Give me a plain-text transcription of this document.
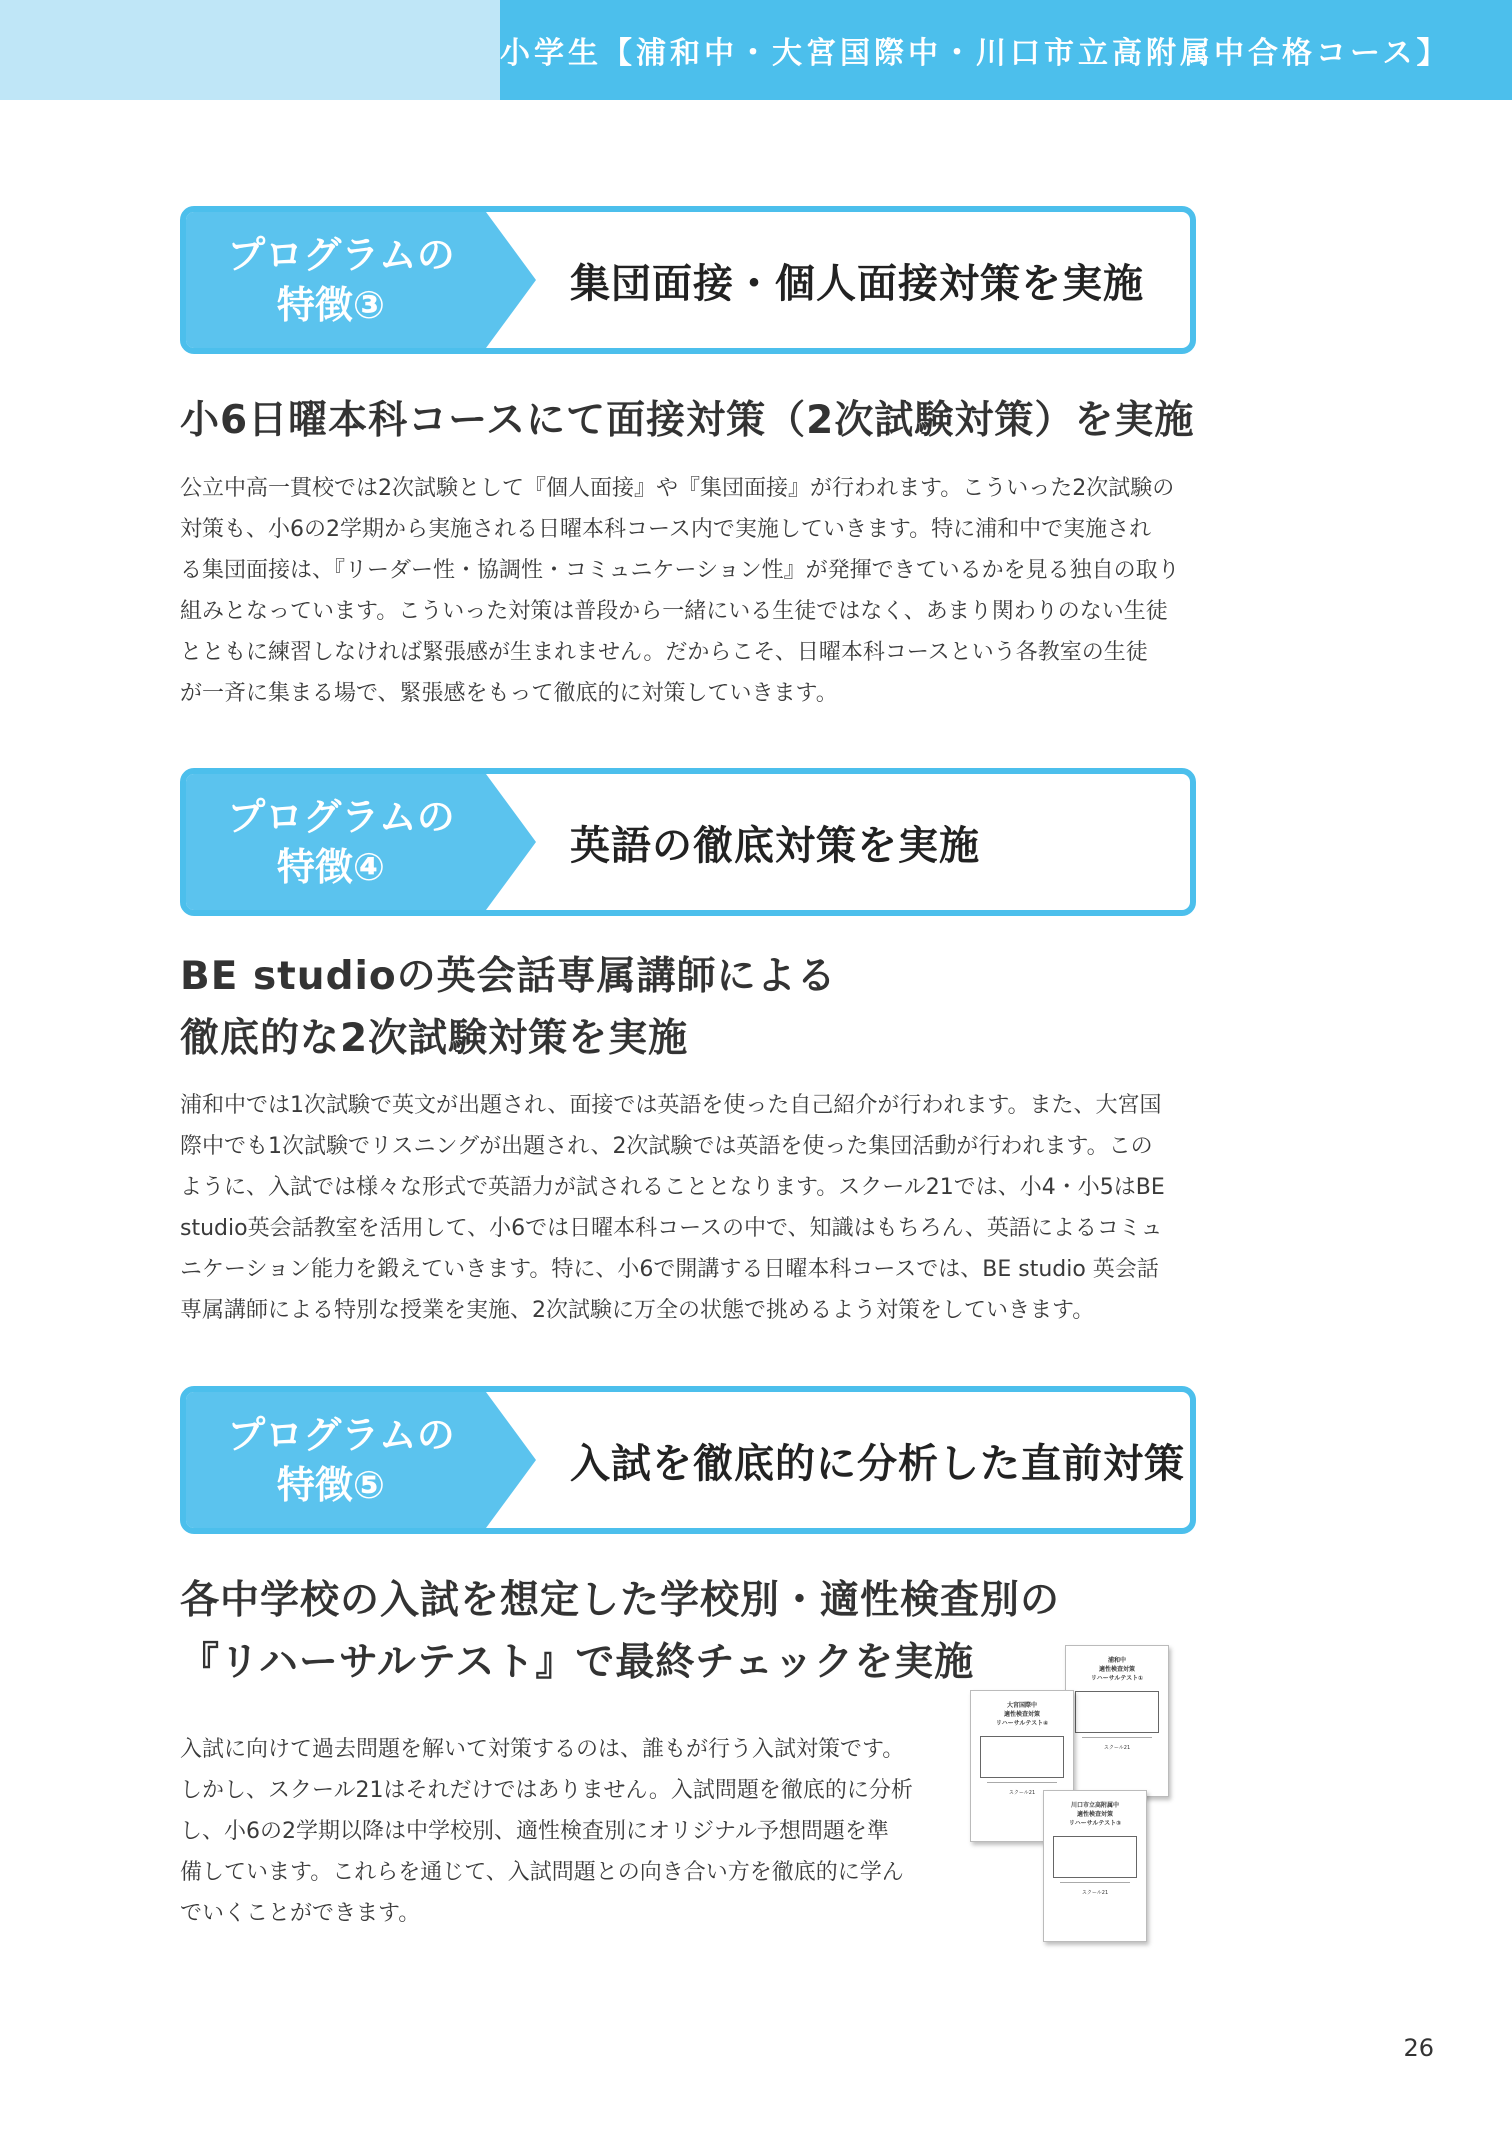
小学生【浦和中・大宮国際中・川口市立高附属中合格コース】
プログラムの
特徴③	集団面接・個人面接対策を実施
小6日曜本科コースにて面接対策（2次試験対策）を実施
公立中高一貫校では2次試験として『個人面接』や『集団面接』が行われます。こういった2次試験の
対策も、小6の2学期から実施される日曜本科コース内で実施していきます。特に浦和中で実施され
る集団面接は、『リーダー性・協調性・コミュニケーション性』が発揮できているかを見る独自の取り
組みとなっています。こういった対策は普段から一緒にいる生徒ではなく、あまり関わりのない生徒
とともに練習しなければ緊張感が生まれません。だからこそ、日曜本科コースという各教室の生徒
が一斉に集まる場で、緊張感をもって徹底的に対策していきます。
プログラムの
特徴④	英語の徹底対策を実施
BE studioの英会話専属講師による
徹底的な2次試験対策を実施
浦和中では1次試験で英文が出題され、面接では英語を使った自己紹介が行われます。また、大宮国
際中でも1次試験でリスニングが出題され、2次試験では英語を使った集団活動が行われます。この
ように、入試では様々な形式で英語力が試されることとなります。スクール21では、小4・小5はBE
studio英会話教室を活用して、小6では日曜本科コースの中で、知識はもちろん、英語によるコミュ
ニケーション能力を鍛えていきます。特に、小6で開講する日曜本科コースでは、BE studio 英会話
専属講師による特別な授業を実施、2次試験に万全の状態で挑めるよう対策をしていきます。
プログラムの
特徴⑤	入試を徹底的に分析した直前対策
各中学校の入試を想定した学校別・適性検査別の
『リハーサルテスト』で最終チェックを実施
入試に向けて過去問題を解いて対策するのは、誰もが行う入試対策です。
しかし、スクール21はそれだけではありません。入試問題を徹底的に分析
し、小6の2学期以降は中学校別、適性検査別にオリジナル予想問題を準
備しています。これらを通じて、入試問題との向き合い方を徹底的に学ん
でいくことができます。
浦和中
適性検査対策
リハーサルテスト①
スクール21
大宮国際中
適性検査対策
リハーサルテスト④
スクール21
川口市立高附属中
適性検査対策
リハーサルテスト③
スクール21
26
